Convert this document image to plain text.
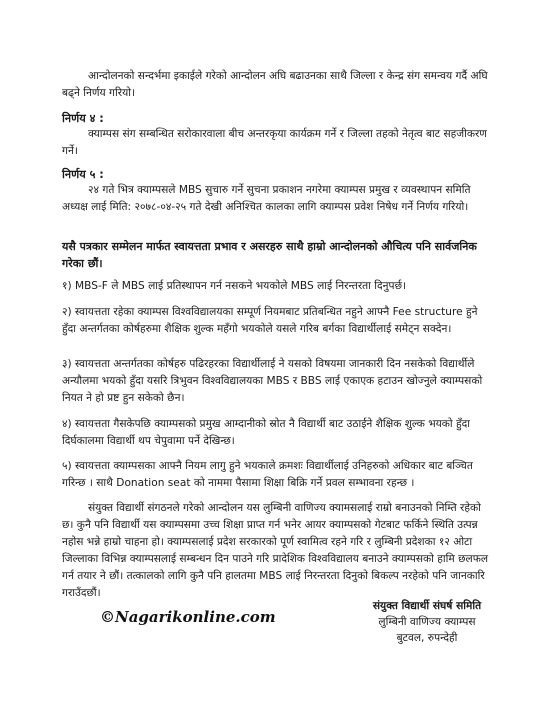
आन्दोलनको सन्दर्भमा इकाईले गरेको आन्दोलन अघि बढाउनका साथै जिल्ला र केन्द्र संग समन्वय गर्दै अघि बढ्ने निर्णय गरियो।

निर्णय ४ :

क्याम्पस संग सम्बन्धित सरोकारवाला बीच अन्तरकृया कार्यक्रम गर्ने र जिल्ला तहको नेतृत्व बाट सहजीकरण गर्ने।

निर्णय ५ :

२४ गते भित्र क्याम्पसले MBS सुचारु गर्ने सुचना प्रकाशन नगरेमा क्याम्पस प्रमुख र व्यवस्थापन समिति अध्यक्ष लाई मिति: २०७८-०४-२५ गते देखी अनिश्चित कालका लागि क्याम्पस प्रवेश निषेध गर्ने निर्णय गरियो।

यसै पत्रकार सम्मेलन मार्फत स्वायत्तता प्रभाव र असरहरु साथै हाम्रो आन्दोलनको औचित्य पनि सार्वजनिक गरेका छौं।

१) MBS-F ले MBS लाई प्रतिस्थापन गर्न नसकने भयकोले MBS लाई निरन्तरता दिनुपर्छ।

२) स्वायत्तता रहेका क्याम्पस विश्वविद्यालयका सम्पूर्ण नियमबाट प्रतिबन्धित नहुने आफ्नै Fee structure हुने हुँदा अन्तर्गतका कोर्षहरुमा शैक्षिक शुल्क महँगो भयकोले यसले गरिब बर्गका विद्यार्थीलाई समेट्न सक्देन।

३) स्वायत्तता अन्तर्गतका कोर्षहरु पढिरहरका विद्यार्थीलाई ने यसको विषयमा जानकारी दिन नसकेको विद्यार्थीले अन्यौलमा भयको हुँदा यसरि त्रिभुवन विश्वविद्यालयका MBS र BBS लाई एकाएक हटाउन खोज्नुले क्याम्पसको नियत ने हो प्रष्ट हुन सकेको छैन।

४) स्वायत्तता गैसकेपछि क्याम्पसको प्रमुख आम्दानीको स्रोत नै विद्यार्थी बाट उठाईने शैक्षिक शुल्क भयको हुँदा दिर्घकालमा विद्यार्थी थप चेपुवामा पर्ने देखिन्छ।

५) स्वायत्तता क्याम्पसका आफ्नै नियम लागु हुने भयकाले क्रमशः विद्यार्थीलाई उनिहरुको अधिकार बाट बञ्चित गरिन्छ । साथै Donation seat को नाममा पैसामा शिक्षा बिक्रि गर्ने प्रवल सम्भावना रहन्छ ।

संयुक्त विद्यार्थी संगठनले गरेको आन्दोलन यस लुम्बिनी वाणिज्य क्यामसलाई राम्रो बनाउनको निम्ति रहेको छ। कुनै पनि विद्यार्थी यस क्याम्पसमा उच्च शिक्षा प्राप्त गर्न भनेर आयर क्याम्पसको गेटबाट फर्किने स्थिति उत्पन्न नहोस भन्ने हाम्रो चाहना हो। क्याम्पसलाई प्रदेश सरकारको पूर्ण स्वामित्व रहने गरि र लुम्बिनी प्रदेशका १२ ओटा जिल्लाका विभिन्न क्याम्पसलाई सम्बन्धन दिन पाउने गरि प्रादेशिक विश्वविद्यालय बनाउने क्याम्पसको हामि छलफल गर्न तयार ने छौं। तत्कालको लागि कुनै पनि हालतमा MBS लाई निरन्तरता दिनुको बिकल्प नरहेको पनि जानकारि गराउँदछौं।

©Nagarikonline.com
संयुक्त विद्यार्थी संघर्ष समिति
लुम्बिनी वाणिज्य क्याम्पस
बुटवल, रुपन्देही
